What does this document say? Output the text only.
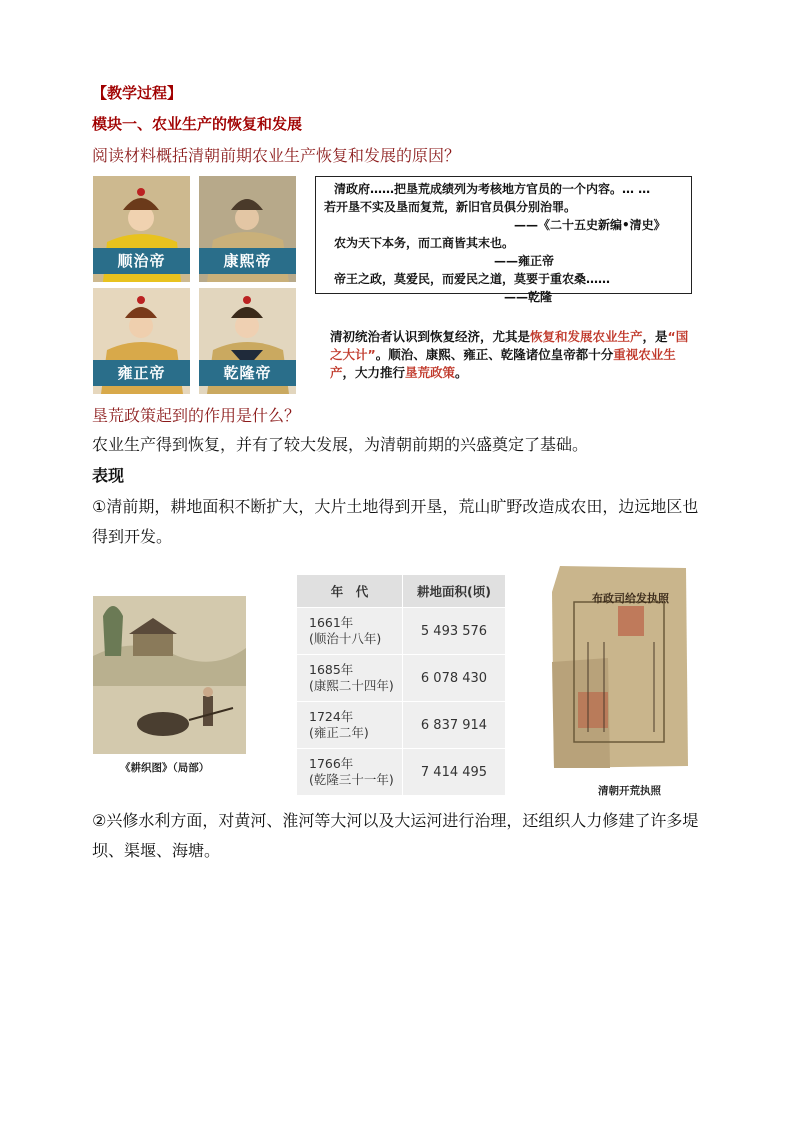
【教学过程】
模块一、农业生产的恢复和发展
阅读材料概括清朝前期农业生产恢复和发展的原因？
顺治帝	康熙帝
雍正帝	乾隆帝
清政府……把垦荒成绩列为考核地方官员的一个内容。… …
若开垦不实及垦而复荒，新旧官员俱分别治罪。
——《二十五史新编•清史》
农为天下本务，而工商皆其末也。
——雍正帝
帝王之政，莫爱民，而爱民之道，莫要于重农桑……
——乾隆
清初统治者认识到恢复经济，尤其是恢复和发展农业生产，是“国之大计”。顺治、康熙、雍正、乾隆诸位皇帝都十分重视农业生产，大力推行垦荒政策。
垦荒政策起到的作用是什么？
农业生产得到恢复，并有了较大发展，为清朝前期的兴盛奠定了基础。
表现
①清前期，耕地面积不断扩大，大片土地得到开垦，荒山旷野改造成农田，边远地区也得到开发。
《耕织图》（局部）
年　代	耕地面积(顷)

1661年
(顺治十八年)	5 493 576

1685年
(康熙二十四年)	6 078 430

1724年
(雍正二年)	6 837 914

1766年
(乾隆三十一年)	7 414 495
布政司给发执照
清朝开荒执照
②兴修水利方面，对黄河、淮河等大河以及大运河进行治理，还组织人力修建了许多堤坝、渠堰、海塘。
